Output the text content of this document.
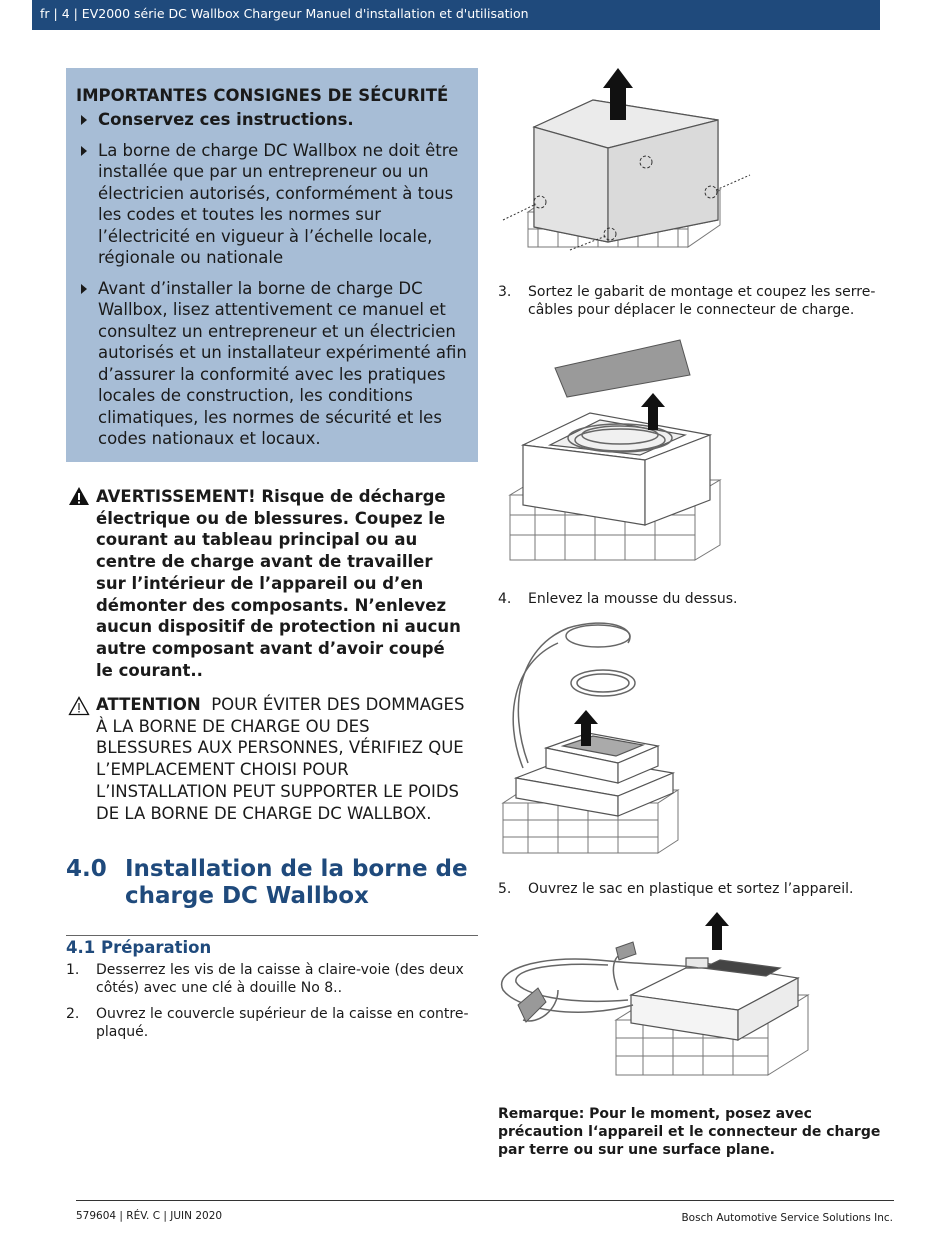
fr | 4 | EV2000 série DC Wallbox Chargeur Manuel d'installation et d'utilisation
IMPORTANTES CONSIGNES DE SÉCURITÉ
Conservez ces instructions.
La borne de charge DC Wallbox ne doit être installée que par un entrepreneur ou un électricien autorisés, conformément à tous les codes et toutes les normes sur l’électricité en vigueur à l’échelle locale, régionale ou nationale
Avant d’installer la borne de charge DC Wallbox, lisez attentivement ce manuel et consultez un entrepreneur et un électricien autorisés et un installateur expérimenté afin d’assurer la conformité avec les pratiques locales de construction, les conditions climatiques, les normes de sécurité et les codes nationaux et locaux.
AVERTISSEMENT! Risque de décharge électrique ou de blessures. Coupez le courant au tableau principal ou au centre de charge avant de travailler sur l’intérieur de l’appareil ou d’en démonter des composants. N’enlevez aucun dispositif de protection ni aucun autre composant avant d’avoir coupé le courant..
ATTENTION POUR ÉVITER DES DOMMAGES À LA BORNE DE CHARGE OU DES BLESSURES AUX PERSONNES, VÉRIFIEZ QUE L’EMPLACEMENT CHOISI POUR L’INSTALLATION PEUT SUPPORTER LE POIDS DE LA BORNE DE CHARGE DC WALLBOX.
4.0 Installation de la borne de charge DC Wallbox
4.1 Préparation
1. Desserrez les vis de la caisse à claire-voie (des deux côtés) avec une clé à douille No 8..
2. Ouvrez le couvercle supérieur de la caisse en contre-plaqué.
3. Sortez le gabarit de montage et coupez les serre-câbles pour déplacer le connecteur de charge.
4. Enlevez la mousse du dessus.
5. Ouvrez le sac en plastique et sortez l’appareil.
Remarque: Pour le moment, posez avec précaution l‘appareil et le connecteur de charge par terre ou sur une surface plane.
579604 | RÉV. C | JUIN 2020	Bosch Automotive Service Solutions Inc.
